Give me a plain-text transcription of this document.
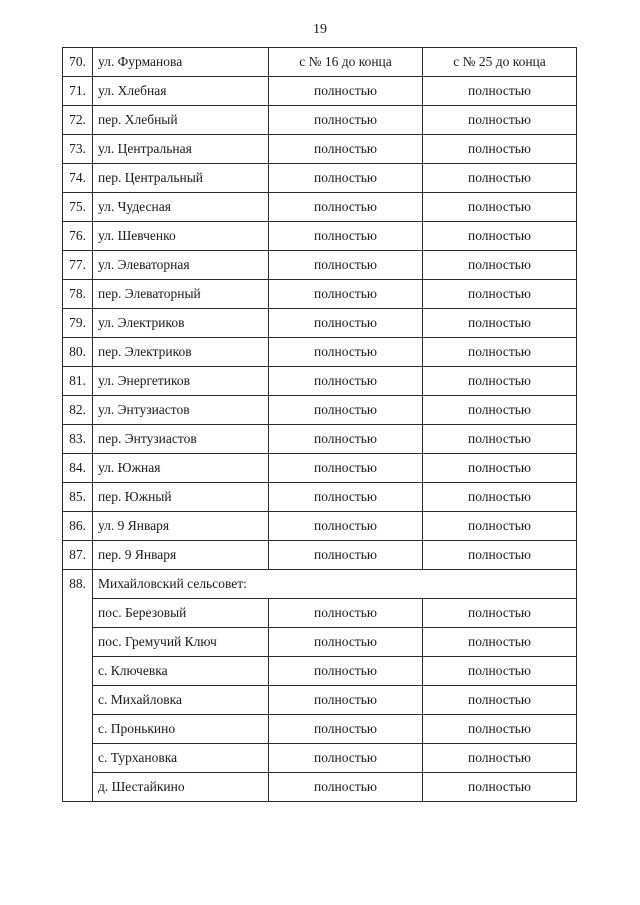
19
70.	ул. Фурманова	с № 16 до конца	с № 25 до конца
71.	ул. Хлебная	полностью	полностью
72.	пер. Хлебный	полностью	полностью
73.	ул. Центральная	полностью	полностью
74.	пер. Центральный	полностью	полностью
75.	ул. Чудесная	полностью	полностью
76.	ул. Шевченко	полностью	полностью
77.	ул. Элеваторная	полностью	полностью
78.	пер. Элеваторный	полностью	полностью
79.	ул. Электриков	полностью	полностью
80.	пер. Электриков	полностью	полностью
81.	ул. Энергетиков	полностью	полностью
82.	ул. Энтузиастов	полностью	полностью
83.	пер. Энтузиастов	полностью	полностью
84.	ул. Южная	полностью	полностью
85.	пер. Южный	полностью	полностью
86.	ул. 9 Января	полностью	полностью
87.	пер. 9 Января	полностью	полностью
88.	Михайловский сельсовет:		
	пос. Березовый	полностью	полностью
	пос. Гремучий Ключ	полностью	полностью
	с. Ключевка	полностью	полностью
	с. Михайловка	полностью	полностью
	с. Пронькино	полностью	полностью
	с. Турхановка	полностью	полностью
	д. Шестайкино	полностью	полностью
